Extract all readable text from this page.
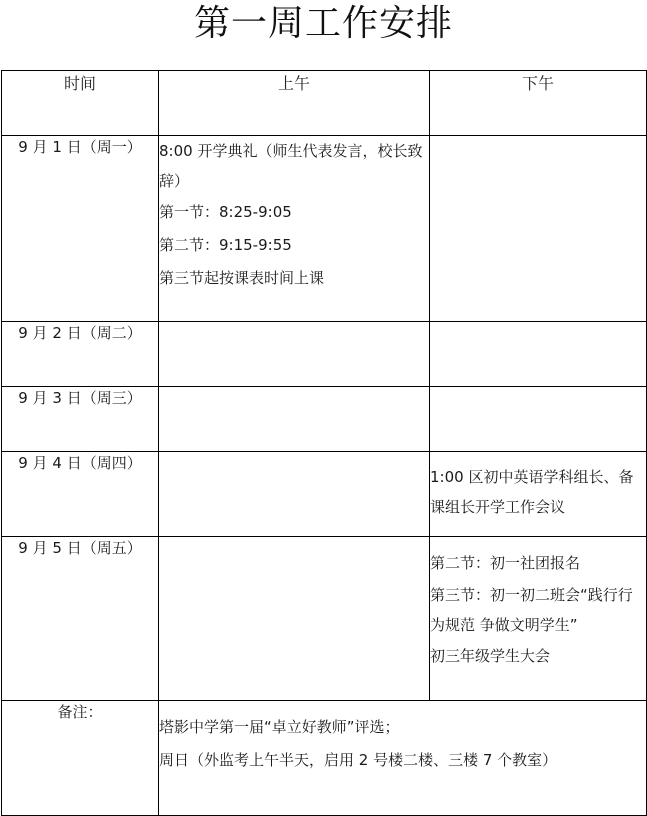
第一周工作安排
时间	上午	下午
9 月 1 日（周一）	8:00 开学典礼（师生代表发言，校长致辞）
第一节：8:25-9:05
第二节：9:15-9:55
第三节起按课表时间上课	

9 月 2 日（周二）		
9 月 3 日（周三）		
9 月 4 日（周四）		1:00 区初中英语学科组长、备课组长开学工作会议

9 月 5 日（周五）		第二节：初一社团报名
第三节：初一初二班会“践行行为规范 争做文明学生”
初三年级学生大会

备注：	塔影中学第一届“卓立好教师”评选；
周日（外监考上午半天，启用 2 号楼二楼、三楼 7 个教室）	
